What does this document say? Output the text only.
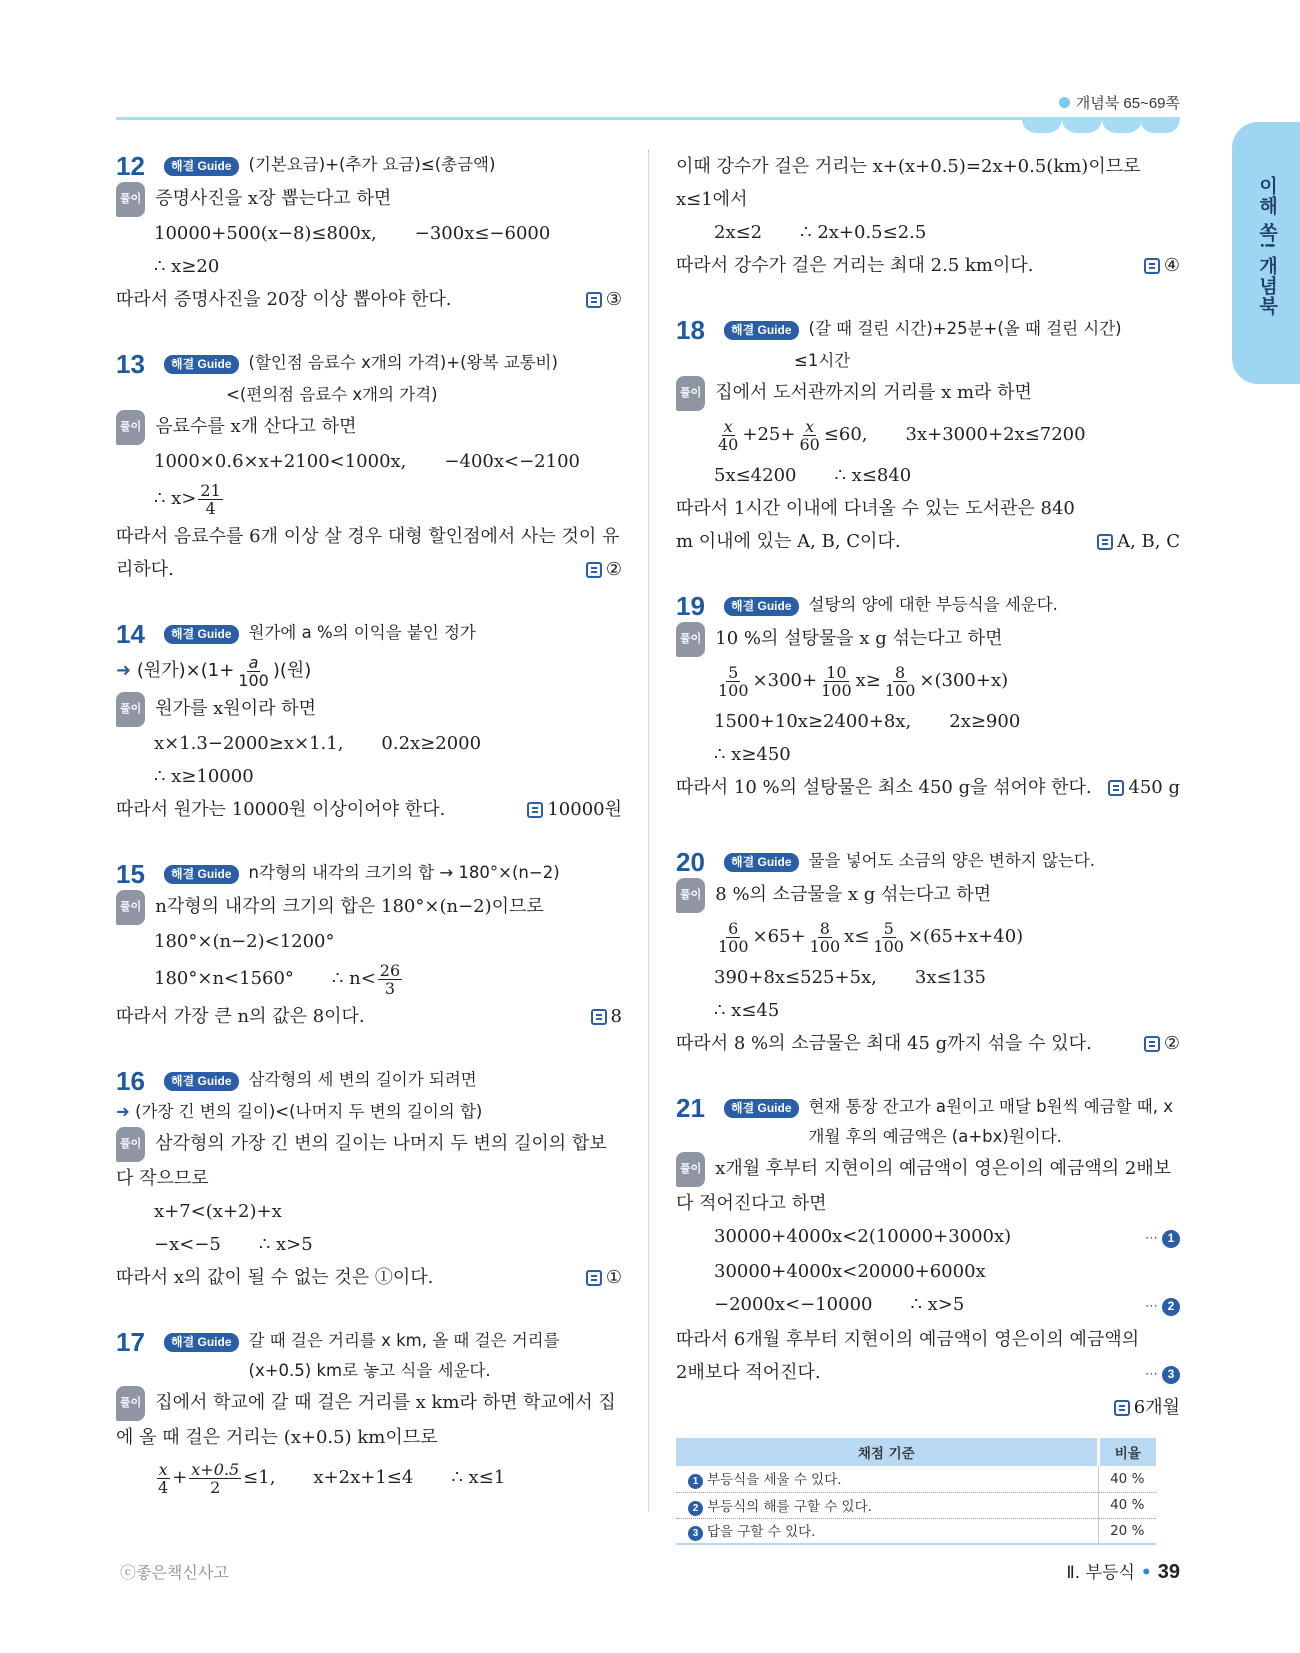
개념북 65~69쪽
이해 쏙! 개념북
12	해결 Guide	(기본요금)+(추가 요금)≤(총금액)
풀이 증명사진을 x장 뽑는다고 하면
10000+500(x−8)≤800x, −300x≤−6000
∴ x≥20
따라서 증명사진을 20장 이상 뽑아야 한다.	③
13	해결 Guide	(할인점 음료수 x개의 가격)+(왕복 교통비)
<(편의점 음료수 x개의 가격)
풀이 음료수를 x개 산다고 하면
1000×0.6×x+2100<1000x, −400x<−2100
∴ $x> \frac{21}{4}$
따라서 음료수를 6개 이상 살 경우 대형 할인점에서 사는 것이 유리하다.	②
14	해결 Guide	원가에 a %의 이익을 붙인 정가
➜ (원가)$\times(1+ \frac{a}{100}$ )(원)
풀이 원가를 x원이라 하면
x×1.3−2000≥x×1.1, 0.2x≥2000
∴ x≥10000
따라서 원가는 10000원 이상이어야 한다.	10000원
15	해결 Guide	n각형의 내각의 크기의 합 → 180°×(n−2)
풀이 n각형의 내각의 크기의 합은 180°×(n−2)이므로
180°×(n−2)<1200°
180°×n<1560° ∴ $n< \frac{26}{3}$
따라서 가장 큰 n의 값은 8이다.	8
16	해결 Guide	삼각형의 세 변의 길이가 되려면
➜ (가장 긴 변의 길이)<(나머지 두 변의 길이의 합)
풀이 삼각형의 가장 긴 변의 길이는 나머지 두 변의 길이의 합보다 작으므로
x+7<(x+2)+x
−x<−5 ∴ x>5
따라서 x의 값이 될 수 없는 것은 ①이다.	①
17	해결 Guide	갈 때 걸은 거리를 x km, 올 때 걸은 거리를 (x+0.5) km로 놓고 식을 세운다.
풀이 집에서 학교에 갈 때 걸은 거리를 x km라 하면 학교에서 집에 올 때 걸은 거리는 (x+0.5) km이므로
$\frac{x}{4} + \frac{x+0.5}{2} \le 1$, x+2x+1≤4 ∴ x≤1
이때 강수가 걸은 거리는 x+(x+0.5)=2x+0.5(km)이므로
x≤1에서
2x≤2 ∴ 2x+0.5≤2.5
따라서 강수가 걸은 거리는 최대 2.5 km이다.	④
18	해결 Guide	(갈 때 걸린 시간)+25분+(올 때 걸린 시간)
≤1시간
풀이 집에서 도서관까지의 거리를 x m라 하면
$\frac{x}{40} +25+ \frac{x}{60} \le 60$, 3x+3000+2x≤7200
5x≤4200 ∴ x≤840
따라서 1시간 이내에 다녀올 수 있는 도서관은 840 m 이내에 있는 A, B, C이다.	A, B, C
19	해결 Guide	설탕의 양에 대한 부등식을 세운다.
풀이 10 %의 설탕물을 x g 섞는다고 하면
$\frac{5}{100} \times 300+ \frac{10}{100} x\ge \frac{8}{100} \times(300+x)$
1500+10x≥2400+8x, 2x≥900
∴ x≥450
따라서 10 %의 설탕물은 최소 450 g을 섞어야 한다. 450 g
20	해결 Guide	물을 넣어도 소금의 양은 변하지 않는다.
풀이 8 %의 소금물을 x g 섞는다고 하면
$\frac{6}{100} \times 65+ \frac{8}{100} x\le \frac{5}{100} \times(65+x+40)$
390+8x≤525+5x, 3x≤135
∴ x≤45
따라서 8 %의 소금물은 최대 45 g까지 섞을 수 있다.	②
21	해결 Guide	현재 통장 잔고가 a원이고 매달 b원씩 예금할 때, x개월 후의 예금액은 (a+bx)원이다.
풀이 x개월 후부터 지현이의 예금액이 영은이의 예금액의 2배보다 적어진다고 하면
30000+4000x<2(10000+3000x)	⋯ 1
30000+4000x<20000+6000x
−2000x<−10000 ∴ x>5	⋯ 2
따라서 6개월 후부터 지현이의 예금액이 영은이의 예금액의 2배보다 적어진다.	⋯ 3
6개월
채점 기준	비율
1 부등식을 세울 수 있다.	40 %
2 부등식의 해를 구할 수 있다.	40 %
3 답을 구할 수 있다.	20 %
ⓒ좋은책신사고	Ⅱ. 부등식 • 39
